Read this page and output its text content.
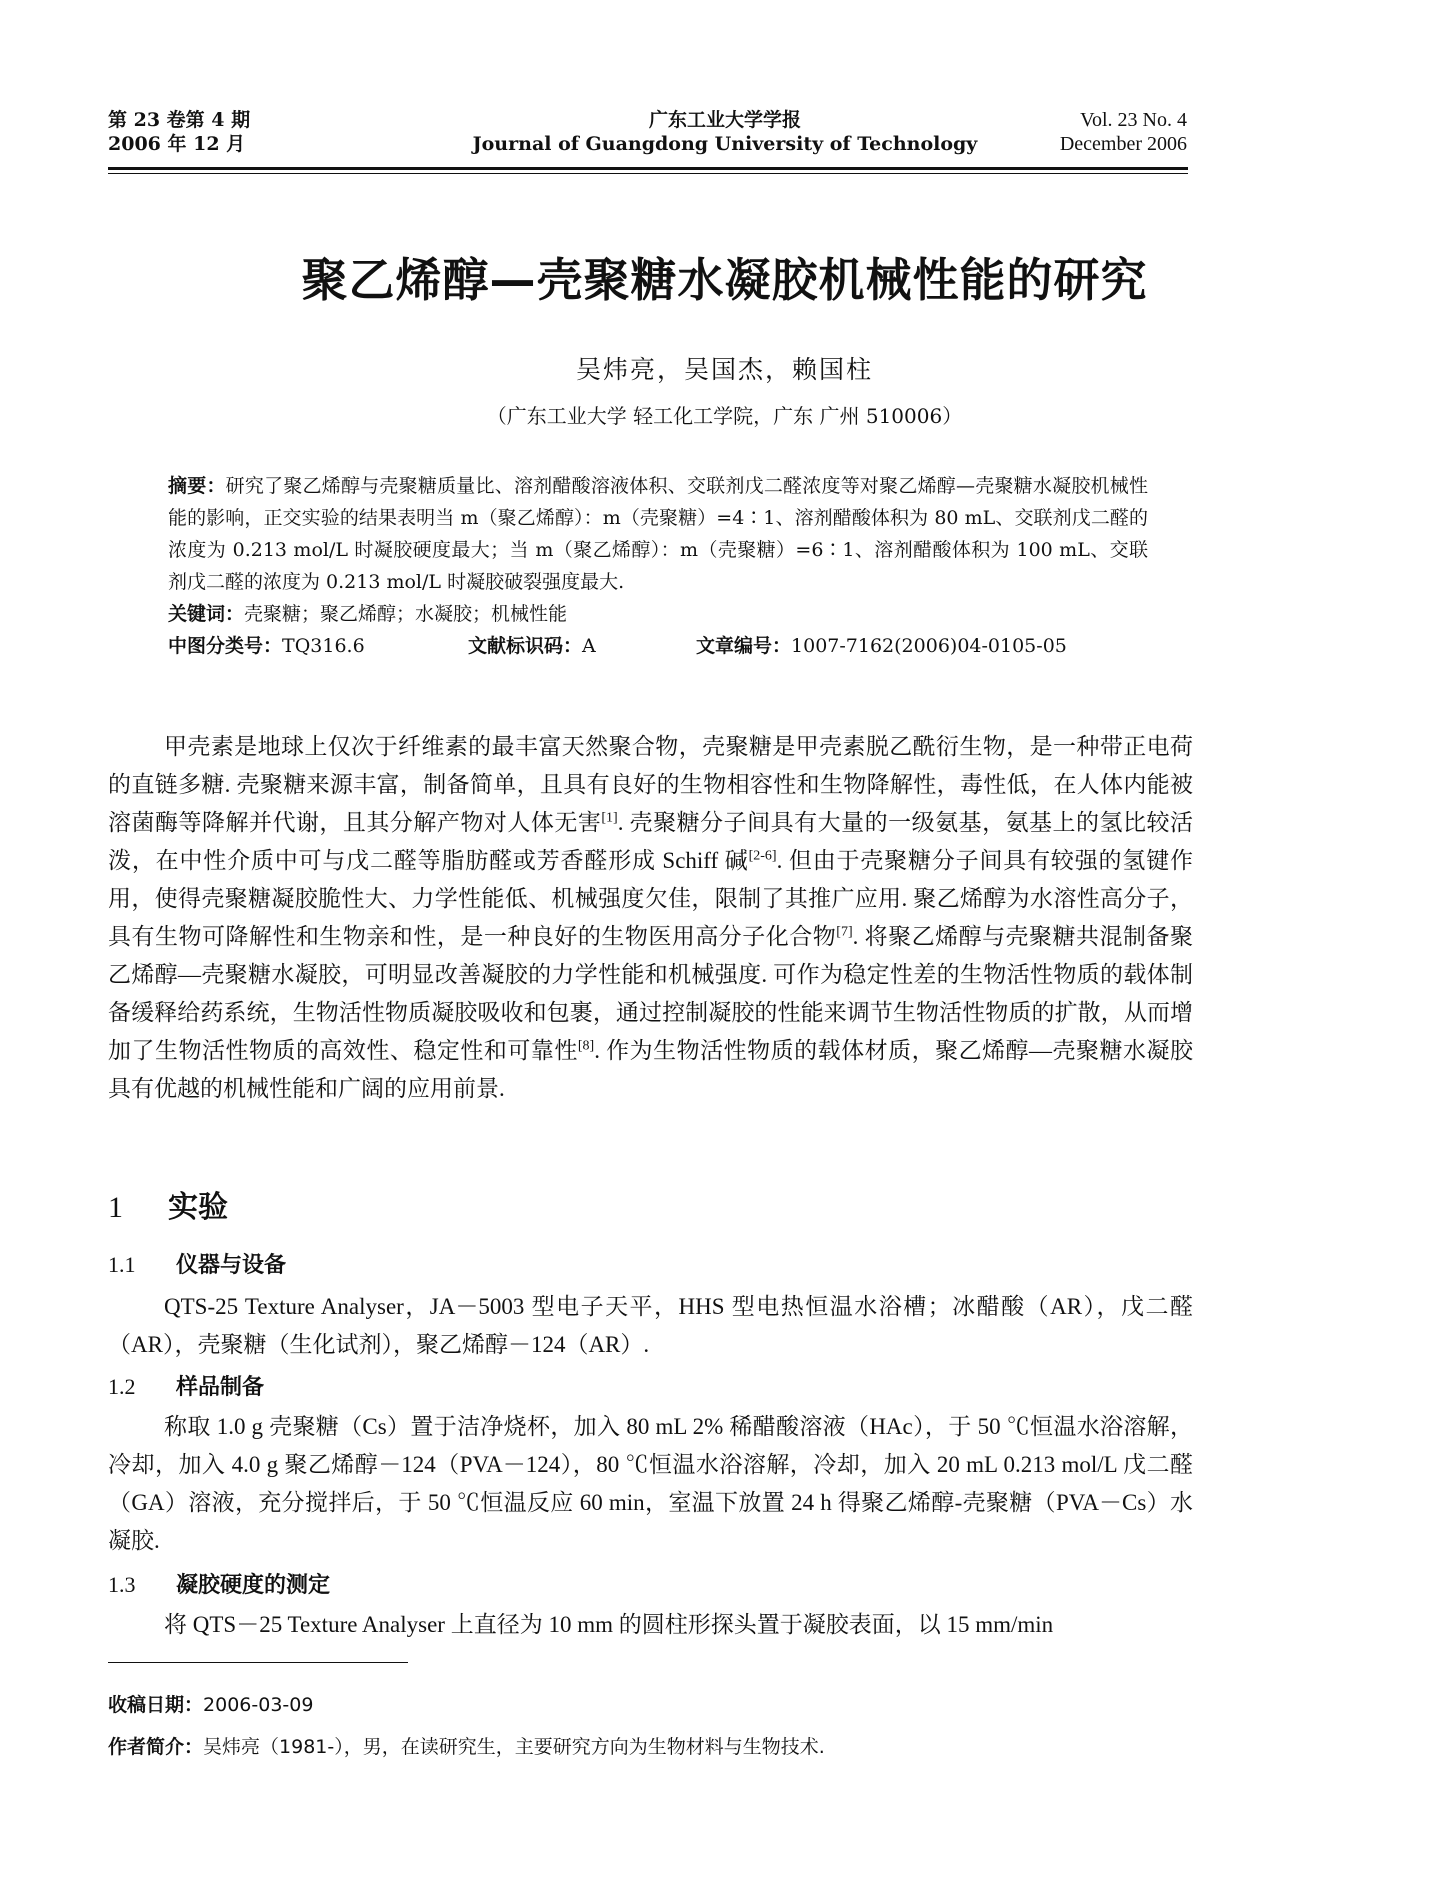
第 23 卷第 4 期
2006 年 12 月
广东工业大学学报
Journal of Guangdong University of Technology
Vol. 23 No. 4
December 2006
聚乙烯醇—壳聚糖水凝胶机械性能的研究
吴炜亮，吴国杰，赖国柱
（广东工业大学 轻工化工学院，广东 广州 510006）
摘要：研究了聚乙烯醇与壳聚糖质量比、溶剂醋酸溶液体积、交联剂戊二醛浓度等对聚乙烯醇—壳聚糖水凝胶机械性能的影响，正交实验的结果表明当 m（聚乙烯醇）：m（壳聚糖）=4∶1、溶剂醋酸体积为 80 mL、交联剂戊二醛的浓度为 0.213 mol/L 时凝胶硬度最大；当 m（聚乙烯醇）：m（壳聚糖）=6∶1、溶剂醋酸体积为 100 mL、交联剂戊二醛的浓度为 0.213 mol/L 时凝胶破裂强度最大.
关键词：壳聚糖；聚乙烯醇；水凝胶；机械性能
中图分类号：TQ316.6	文献标识码：A	文章编号：1007-7162(2006)04-0105-05
甲壳素是地球上仅次于纤维素的最丰富天然聚合物，壳聚糖是甲壳素脱乙酰衍生物，是一种带正电荷的直链多糖. 壳聚糖来源丰富，制备简单，且具有良好的生物相容性和生物降解性，毒性低，在人体内能被溶菌酶等降解并代谢，且其分解产物对人体无害[1]. 壳聚糖分子间具有大量的一级氨基，氨基上的氢比较活泼，在中性介质中可与戊二醛等脂肪醛或芳香醛形成 Schiff 碱[2-6]. 但由于壳聚糖分子间具有较强的氢键作用，使得壳聚糖凝胶脆性大、力学性能低、机械强度欠佳，限制了其推广应用. 聚乙烯醇为水溶性高分子，具有生物可降解性和生物亲和性，是一种良好的生物医用高分子化合物[7]. 将聚乙烯醇与壳聚糖共混制备聚乙烯醇—壳聚糖水凝胶，可明显改善凝胶的力学性能和机械强度. 可作为稳定性差的生物活性物质的载体制备缓释给药系统，生物活性物质凝胶吸收和包裹，通过控制凝胶的性能来调节生物活性物质的扩散，从而增加了生物活性物质的高效性、稳定性和可靠性[8]. 作为生物活性物质的载体材质，聚乙烯醇—壳聚糖水凝胶具有优越的机械性能和广阔的应用前景.
1 实验
1.1 仪器与设备
QTS-25 Texture Analyser，JA－5003 型电子天平，HHS 型电热恒温水浴槽；冰醋酸（AR），戊二醛（AR），壳聚糖（生化试剂），聚乙烯醇－124（AR）.
1.2 样品制备
称取 1.0 g 壳聚糖（Cs）置于洁净烧杯，加入 80 mL 2% 稀醋酸溶液（HAc），于 50 ℃恒温水浴溶解，冷却，加入 4.0 g 聚乙烯醇－124（PVA－124），80 ℃恒温水浴溶解，冷却，加入 20 mL 0.213 mol/L 戊二醛（GA）溶液，充分搅拌后，于 50 ℃恒温反应 60 min，室温下放置 24 h 得聚乙烯醇-壳聚糖（PVA－Cs）水凝胶.
1.3 凝胶硬度的测定
将 QTS－25 Texture Analyser 上直径为 10 mm 的圆柱形探头置于凝胶表面，以 15 mm/min
收稿日期：2006-03-09
作者简介：吴炜亮（1981-），男，在读研究生，主要研究方向为生物材料与生物技术.
